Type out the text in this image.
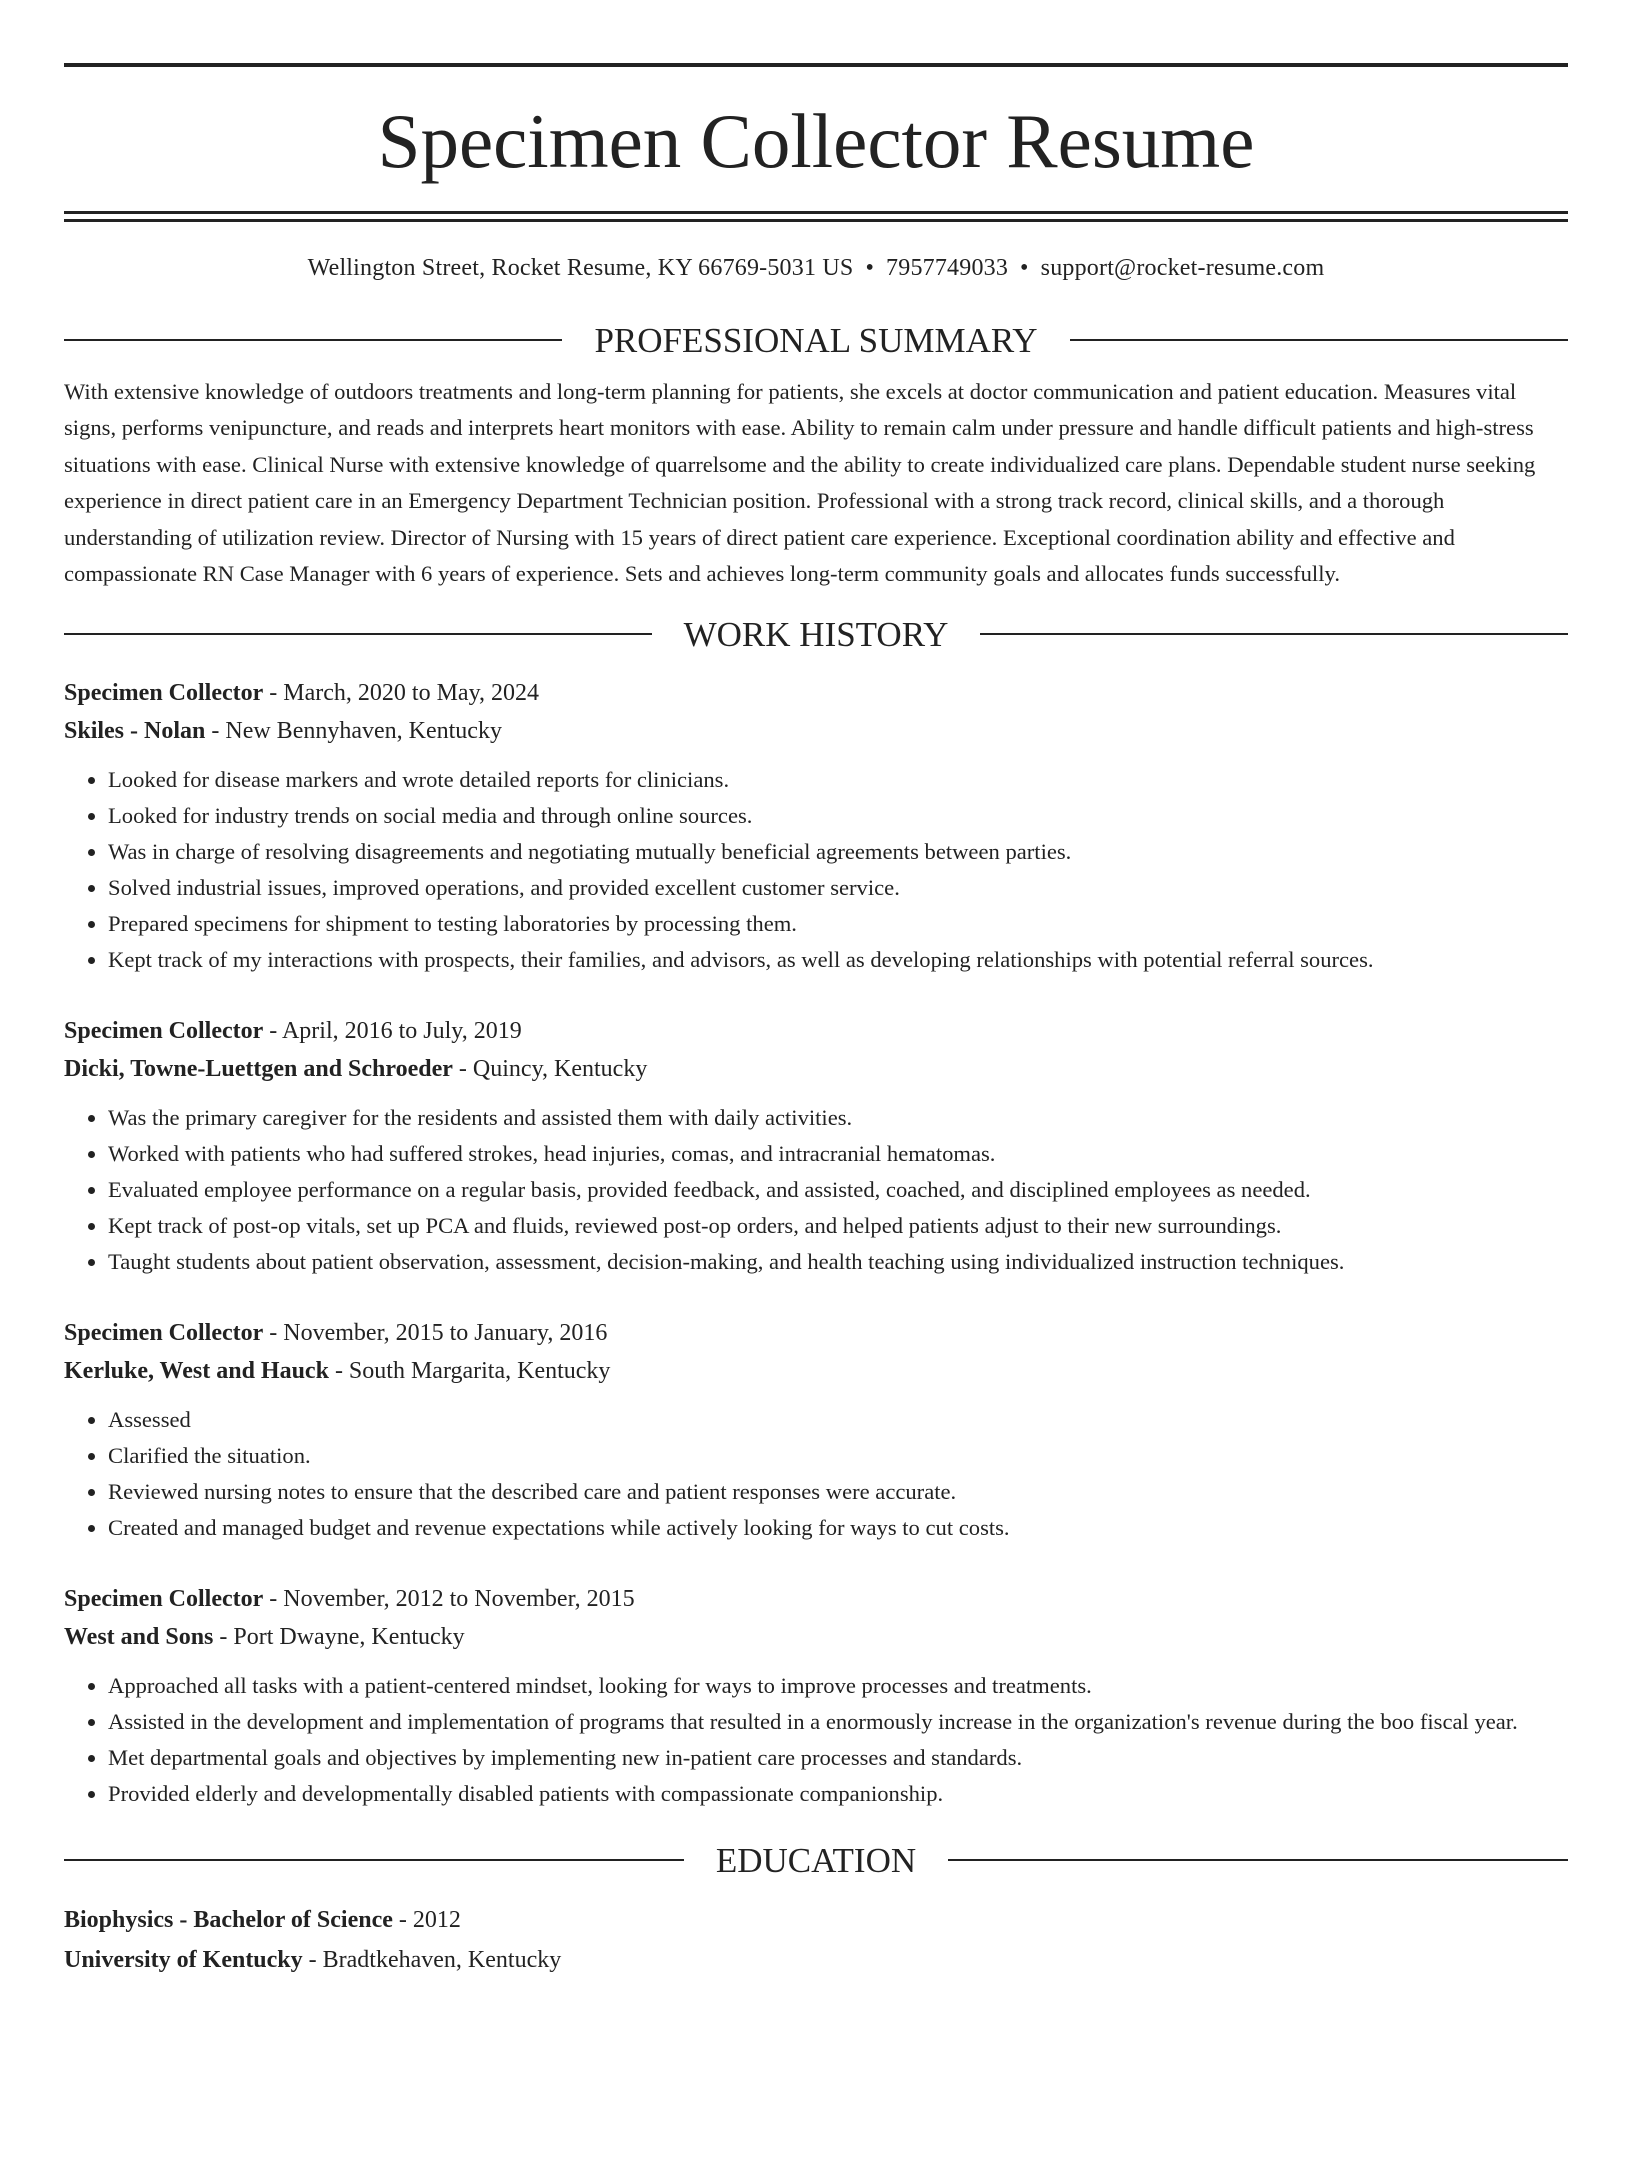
Specimen Collector Resume
Wellington Street, Rocket Resume, KY 66769-5031 US • 7957749033 • support@rocket-resume.com
PROFESSIONAL SUMMARY

With extensive knowledge of outdoors treatments and long-term planning for patients, she excels at doctor communication and patient education. Measures vital signs, performs venipuncture, and reads and interprets heart monitors with ease. Ability to remain calm under pressure and handle difficult patients and high-stress situations with ease. Clinical Nurse with extensive knowledge of quarrelsome and the ability to create individualized care plans. Dependable student nurse seeking experience in direct patient care in an Emergency Department Technician position. Professional with a strong track record, clinical skills, and a thorough understanding of utilization review. Director of Nursing with 15 years of direct patient care experience. Exceptional coordination ability and effective and compassionate RN Case Manager with 6 years of experience. Sets and achieves long-term community goals and allocates funds successfully.

WORK HISTORY
Specimen Collector - March, 2020 to May, 2024
Skiles - Nolan - New Bennyhaven, Kentucky
• Looked for disease markers and wrote detailed reports for clinicians.
• Looked for industry trends on social media and through online sources.
• Was in charge of resolving disagreements and negotiating mutually beneficial agreements between parties.
• Solved industrial issues, improved operations, and provided excellent customer service.
• Prepared specimens for shipment to testing laboratories by processing them.
• Kept track of my interactions with prospects, their families, and advisors, as well as developing relationships with potential referral sources.
Specimen Collector - April, 2016 to July, 2019
Dicki, Towne-Luettgen and Schroeder - Quincy, Kentucky
• Was the primary caregiver for the residents and assisted them with daily activities.
• Worked with patients who had suffered strokes, head injuries, comas, and intracranial hematomas.
• Evaluated employee performance on a regular basis, provided feedback, and assisted, coached, and disciplined employees as needed.
• Kept track of post-op vitals, set up PCA and fluids, reviewed post-op orders, and helped patients adjust to their new surroundings.
• Taught students about patient observation, assessment, decision-making, and health teaching using individualized instruction techniques.
Specimen Collector - November, 2015 to January, 2016
Kerluke, West and Hauck - South Margarita, Kentucky
• Assessed
• Clarified the situation.
• Reviewed nursing notes to ensure that the described care and patient responses were accurate.
• Created and managed budget and revenue expectations while actively looking for ways to cut costs.
Specimen Collector - November, 2012 to November, 2015
West and Sons - Port Dwayne, Kentucky
• Approached all tasks with a patient-centered mindset, looking for ways to improve processes and treatments.
• Assisted in the development and implementation of programs that resulted in a enormously increase in the organization's revenue during the boo fiscal year.
• Met departmental goals and objectives by implementing new in-patient care processes and standards.
• Provided elderly and developmentally disabled patients with compassionate companionship.
EDUCATION
Biophysics - Bachelor of Science - 2012
University of Kentucky - Bradtkehaven, Kentucky
